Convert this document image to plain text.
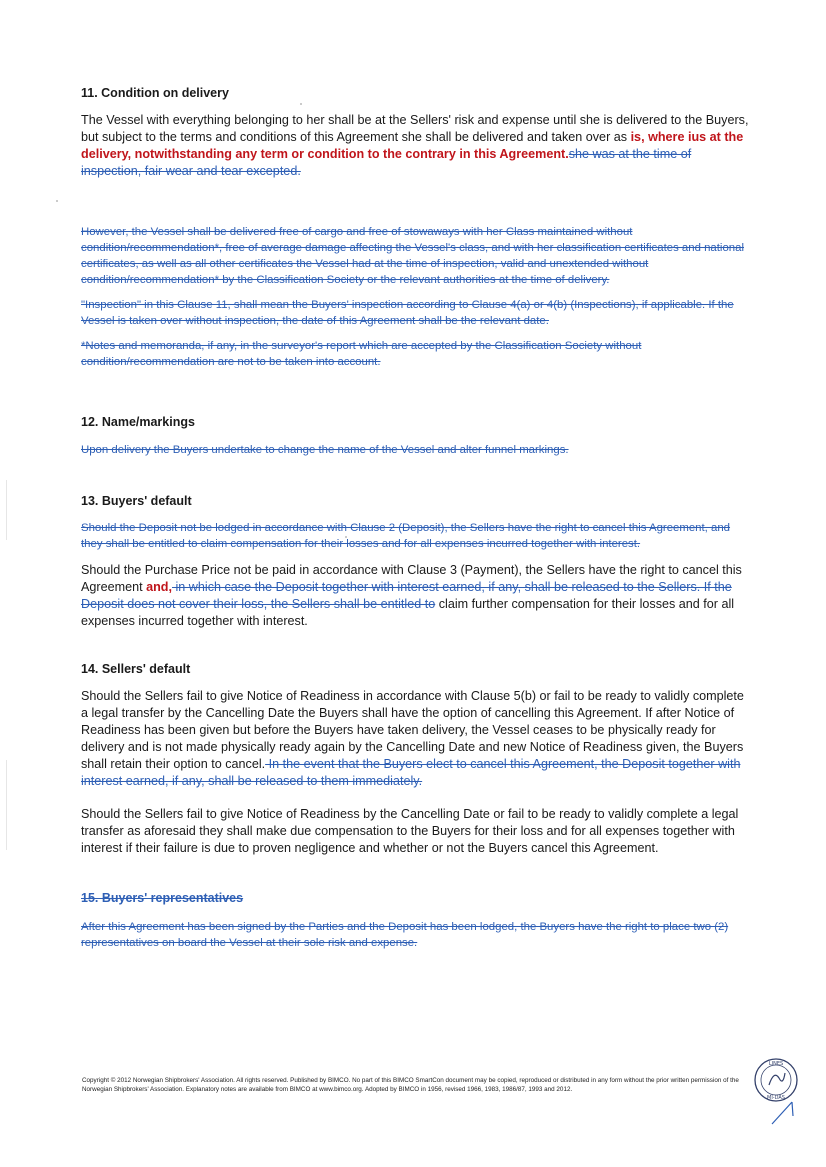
11. Condition on delivery

The Vessel with everything belonging to her shall be at the Sellers' risk and expense until she is delivered to the Buyers, but subject to the terms and conditions of this Agreement she shall be delivered and taken over as is, where ius at the delivery, notwithstanding any term or condition to the contrary in this Agreement.she was at the time of inspection, fair wear and tear excepted.

However, the Vessel shall be delivered free of cargo and free of stowaways with her Class maintained without condition/recommendation*, free of average damage affecting the Vessel's class, and with her classification certificates and national certificates, as well as all other certificates the Vessel had at the time of inspection, valid and unextended without condition/recommendation* by the Classification Society or the relevant authorities at the time of delivery.

"Inspection" in this Clause 11, shall mean the Buyers' inspection according to Clause 4(a) or 4(b) (Inspections), if applicable. If the Vessel is taken over without inspection, the date of this Agreement shall be the relevant date.

*Notes and memoranda, if any, in the surveyor's report which are accepted by the Classification Society without condition/recommendation are not to be taken into account.

12. Name/markings

Upon delivery the Buyers undertake to change the name of the Vessel and alter funnel markings.

13. Buyers' default

Should the Deposit not be lodged in accordance with Clause 2 (Deposit), the Sellers have the right to cancel this Agreement, and they shall be entitled to claim compensation for their losses and for all expenses incurred together with interest.

Should the Purchase Price not be paid in accordance with Clause 3 (Payment), the Sellers have the right to cancel this Agreement and, in which case the Deposit together with interest earned, if any, shall be released to the Sellers. If the Deposit does not cover their loss, the Sellers shall be entitled to claim further compensation for their losses and for all expenses incurred together with interest.

14. Sellers' default

Should the Sellers fail to give Notice of Readiness in accordance with Clause 5(b) or fail to be ready to validly complete a legal transfer by the Cancelling Date the Buyers shall have the option of cancelling this Agreement. If after Notice of Readiness has been given but before the Buyers have taken delivery, the Vessel ceases to be physically ready for delivery and is not made physically ready again by the Cancelling Date and new Notice of Readiness given, the Buyers shall retain their option to cancel. In the event that the Buyers elect to cancel this Agreement, the Deposit together with interest earned, if any, shall be released to them immediately.

Should the Sellers fail to give Notice of Readiness by the Cancelling Date or fail to be ready to validly complete a legal transfer as aforesaid they shall make due compensation to the Buyers for their loss and for all expenses together with interest if their failure is due to proven negligence and whether or not the Buyers cancel this Agreement.

15. Buyers' representatives

After this Agreement has been signed by the Parties and the Deposit has been lodged, the Buyers have the right to place two (2) representatives on board the Vessel at their sole risk and expense.

Copyright © 2012 Norwegian Shipbrokers' Association. All rights reserved. Published by BIMCO. No part of this BIMCO SmartCon document may be copied, reproduced or distributed in any form without the prior written permission of the Norwegian Shipbrokers' Association. Explanatory notes are available from BIMCO at www.bimco.org. Adopted by BIMCO in 1956, revised 1966, 1983, 1986/87, 1993 and 2012.
LINES
MI-DAS
